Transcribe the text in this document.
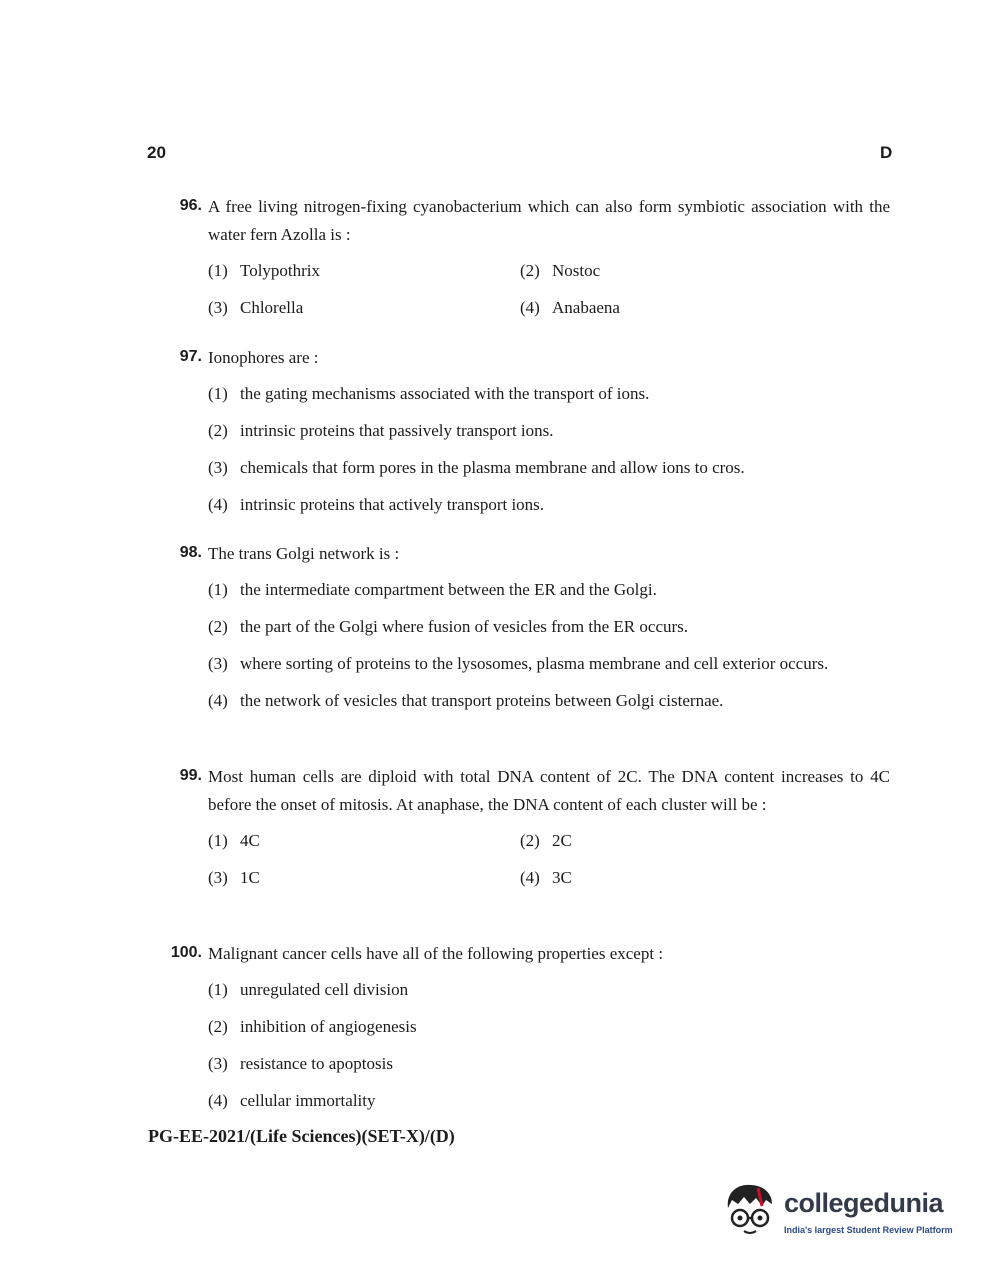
20	D
96. A free living nitrogen-fixing cyanobacterium which can also form symbiotic association with the water fern Azolla is :
(1) Tolypothrix	(2) Nostoc
(3) Chlorella	(4) Anabaena
97. Ionophores are :
(1) the gating mechanisms associated with the transport of ions.
(2) intrinsic proteins that passively transport ions.
(3) chemicals that form pores in the plasma membrane and allow ions to cros.
(4) intrinsic proteins that actively transport ions.
98. The trans Golgi network is :
(1) the intermediate compartment between the ER and the Golgi.
(2) the part of the Golgi where fusion of vesicles from the ER occurs.
(3) where sorting of proteins to the lysosomes, plasma membrane and cell exterior occurs.
(4) the network of vesicles that transport proteins between Golgi cisternae.
99. Most human cells are diploid with total DNA content of 2C. The DNA content increases to 4C before the onset of mitosis. At anaphase, the DNA content of each cluster will be :
(1) 4C	(2) 2C
(3) 1C	(4) 3C
100. Malignant cancer cells have all of the following properties except :
(1) unregulated cell division
(2) inhibition of angiogenesis
(3) resistance to apoptosis
(4) cellular immortality
PG-EE-2021/(Life Sciences)(SET-X)/(D)
collegedunia
India's largest Student Review Platform
